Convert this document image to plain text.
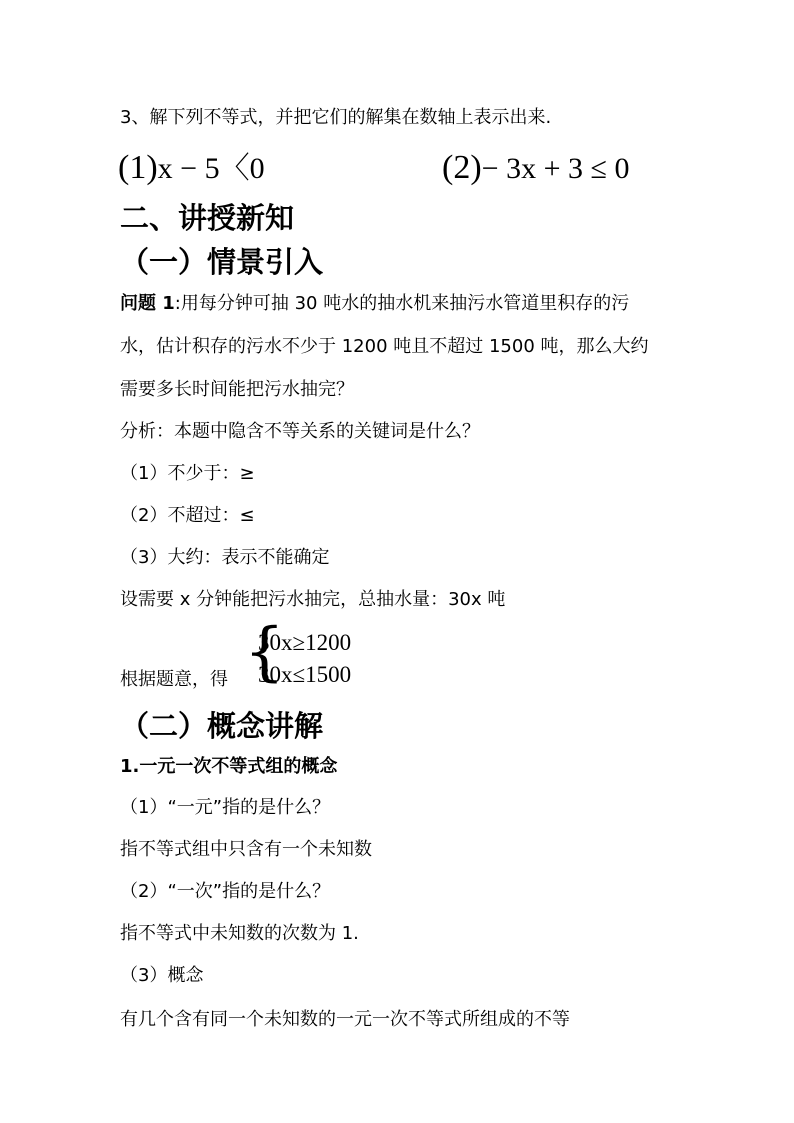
3、解下列不等式，并把它们的解集在数轴上表示出来.
(1)x − 5〈0	(2)− 3x + 3 ≤ 0
二、讲授新知
（一）情景引入
问题 1:用每分钟可抽 30 吨水的抽水机来抽污水管道里积存的污
水，估计积存的污水不少于 1200 吨且不超过 1500 吨，那么大约
需要多长时间能把污水抽完？
分析：本题中隐含不等关系的关键词是什么？
（1）不少于：≥
（2）不超过：≤
（3）大约：表示不能确定
设需要 x 分钟能把污水抽完，总抽水量：30x 吨
{
30x≥1200
30x≤1500
根据题意，得
（二）概念讲解
1.一元一次不等式组的概念
（1）“一元”指的是什么？
指不等式组中只含有一个未知数
（2）“一次”指的是什么？
指不等式中未知数的次数为 1.
（3）概念
有几个含有同一个未知数的一元一次不等式所组成的不等
